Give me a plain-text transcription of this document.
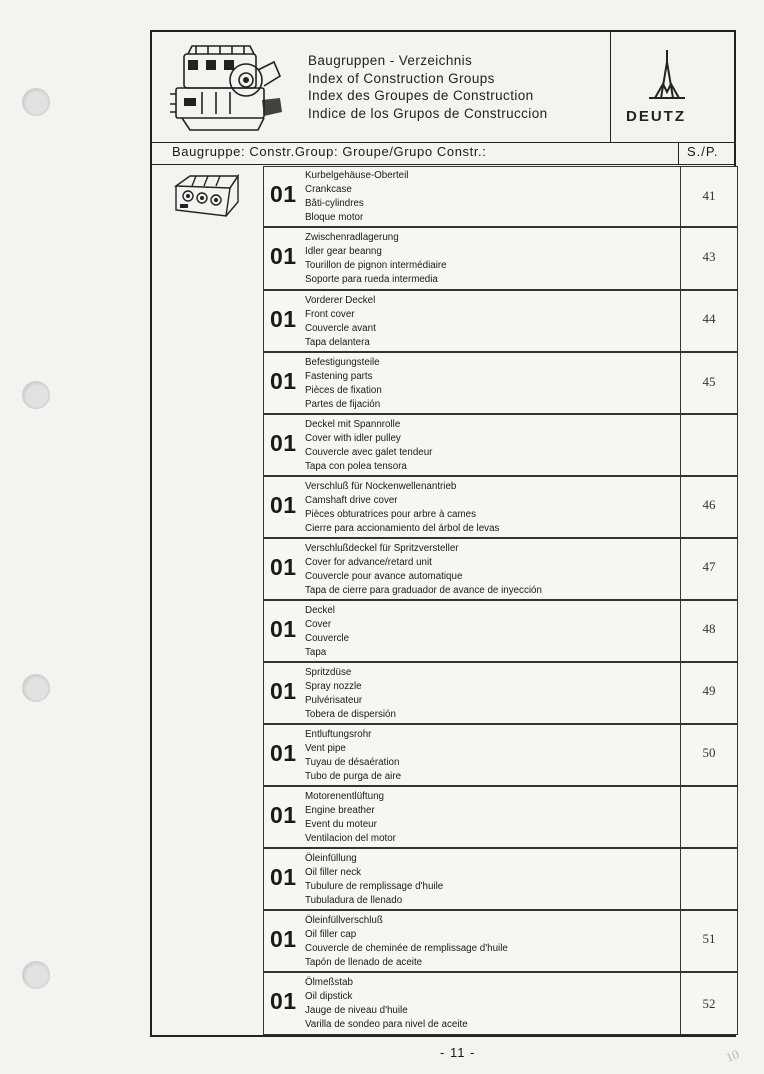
Baugruppen - Verzeichnis
Index of Construction Groups
Index des Groupes de Construction
Indice de los Grupos de Construccion	DEUTZ
Baugruppe: Constr.Group: Groupe/Grupo Constr.:	S./P.
01
Kurbelgehäuse-Oberteil
Crankcase
Bâti-cylindres
Bloque motor
41
01
Zwischenradlagerung
Idler gear beanng
Tourillon de pignon intermédiaire
Soporte para rueda intermedia
43
01
Vorderer Deckel
Front cover
Couvercle avant
Tapa delantera
44
01
Befestigungsteile
Fastening parts
Pièces de fixation
Partes de fijación
45
01
Deckel mit Spannrolle
Cover with idler pulley
Couvercle avec galet tendeur
Tapa con polea tensora
01
Verschluß für Nockenwellenantrieb
Camshaft drive cover
Pièces obturatrices pour arbre à cames
Cierre para accionamiento del árbol de levas
46
01
Verschlußdeckel für Spritzversteller
Cover for advance/retard unit
Couvercle pour avance automatique
Tapa de cierre para graduador de avance de inyección
47
01
Deckel
Cover
Couvercle
Tapa
48
01
Spritzdüse
Spray nozzle
Pulvérisateur
Tobera de dispersión
49
01
Entluftungsrohr
Vent pipe
Tuyau de désaération
Tubo de purga de aire
50
01
Motorenentlüftung
Engine breather
Event du moteur
Ventilacion del motor
01
Öleinfüllung
Oil filler neck
Tubulure de remplissage d'huile
Tubuladura de llenado
01
Öleinfüllverschluß
Oil filler cap
Couvercle de cheminée de remplissage d'huile
Tapón de llenado de aceite
51
01
Ölmeßstab
Oil dipstick
Jauge de niveau d'huile
Varilla de sondeo para nivel de aceite
52
- 11 -	10
